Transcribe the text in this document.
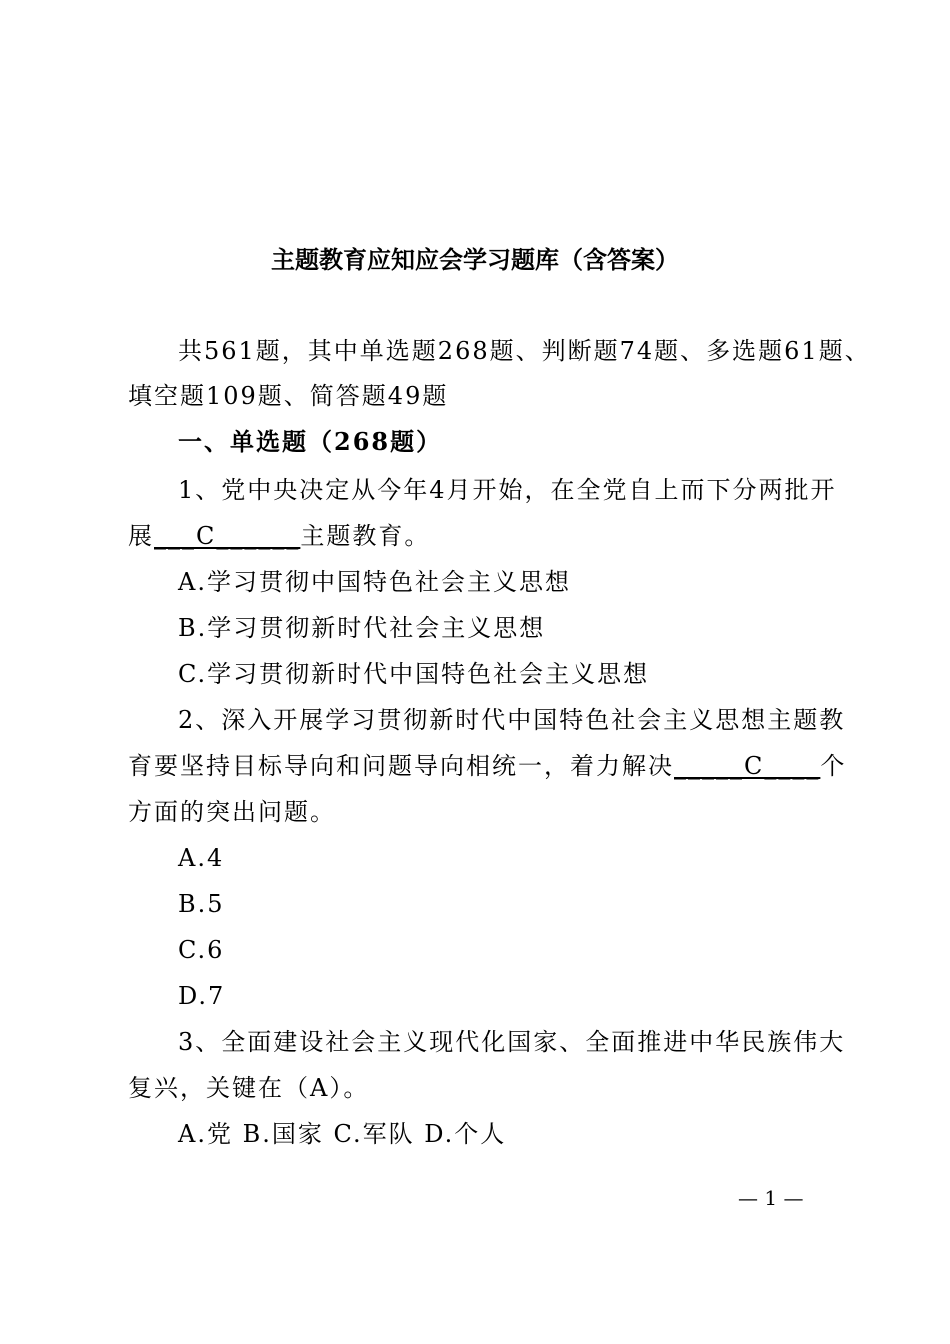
主题教育应知应会学习题库（含答案）
共561题，其中单选题268题、判断题74题、多选题61题、
填空题109题、简答题49题
一、单选题（268题）
1、党中央决定从今年4月开始，在全党自上而下分两批开
展___C______主题教育。
A.学习贯彻中国特色社会主义思想
B.学习贯彻新时代社会主义思想
C.学习贯彻新时代中国特色社会主义思想
2、深入开展学习贯彻新时代中国特色社会主义思想主题教
育要坚持目标导向和问题导向相统一，着力解决_____C____个
方面的突出问题。
A.4
B.5
C.6
D.7
3、全面建设社会主义现代化国家、全面推进中华民族伟大
复兴，关键在（A）。
A.党 B.国家 C.军队 D.个人
— 1 —
